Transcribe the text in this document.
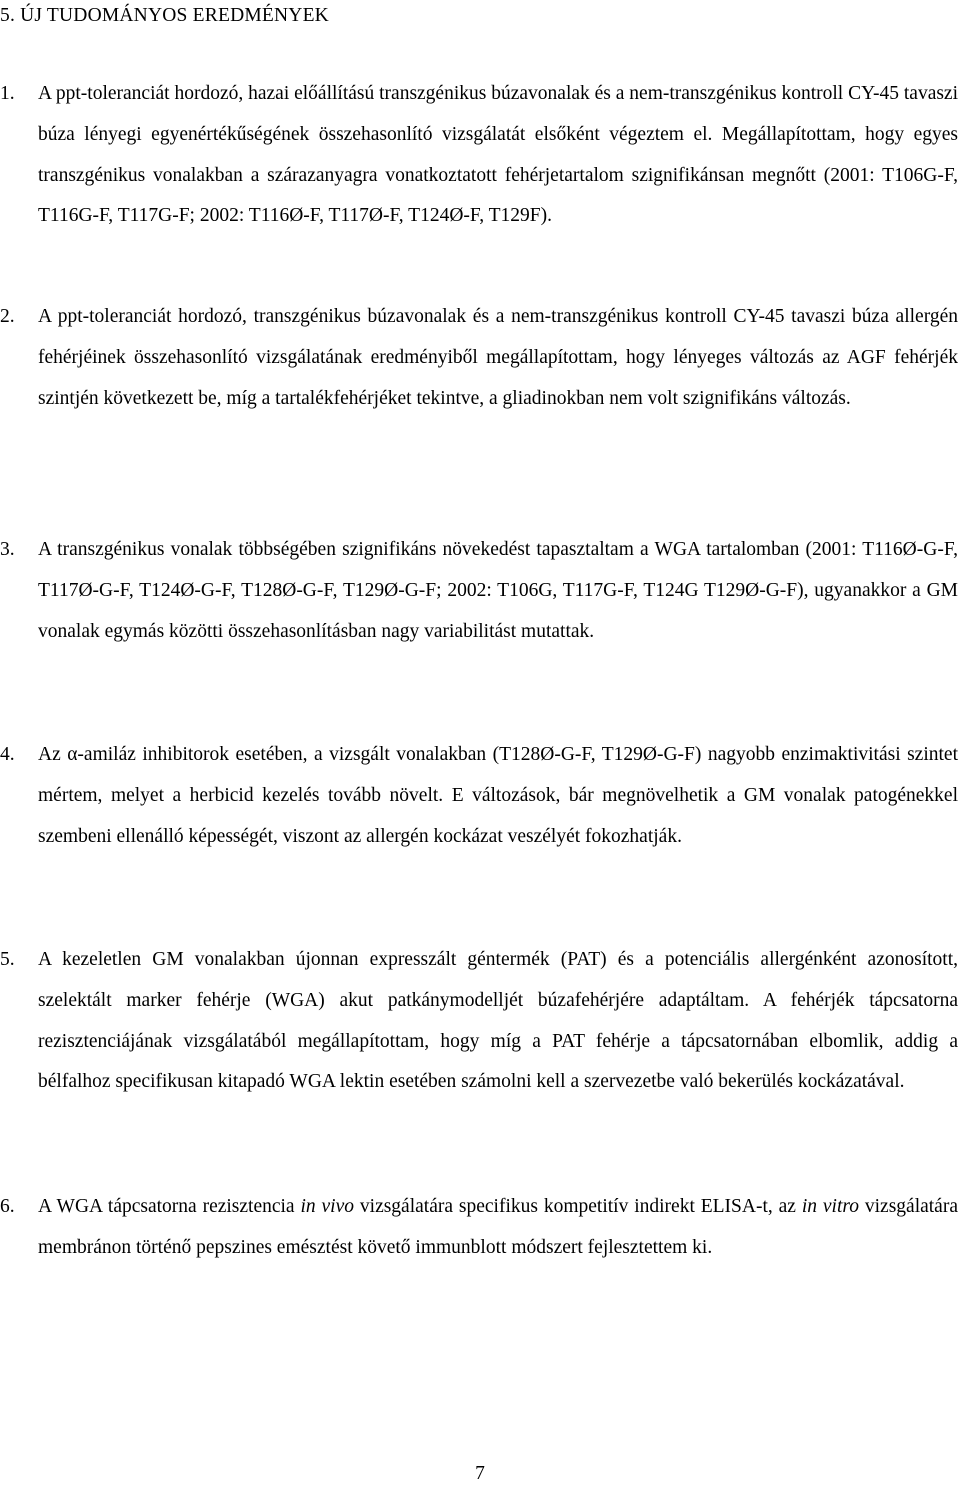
5. ÚJ TUDOMÁNYOS EREDMÉNYEK
1. A ppt-toleranciát hordozó, hazai előállítású transzgénikus búzavonalak és a nem-transzgénikus kontroll CY-45 tavaszi búza lényegi egyenértékűségének összehasonlító vizsgálatát elsőként végeztem el. Megállapítottam, hogy egyes transzgénikus vonalakban a szárazanyagra vonatkoztatott fehérjetartalom szignifikánsan megnőtt (2001: T106G-F, T116G-F, T117G-F; 2002: T116Ø-F, T117Ø-F, T124Ø-F, T129F).
2. A ppt-toleranciát hordozó, transzgénikus búzavonalak és a nem-transzgénikus kontroll CY-45 tavaszi búza allergén fehérjéinek összehasonlító vizsgálatának eredményiből megállapítottam, hogy lényeges változás az AGF fehérjék szintjén következett be, míg a tartalékfehérjéket tekintve, a gliadinokban nem volt szignifikáns változás.
3. A transzgénikus vonalak többségében szignifikáns növekedést tapasztaltam a WGA tartalomban (2001: T116Ø-G-F, T117Ø-G-F, T124Ø-G-F, T128Ø-G-F, T129Ø-G-F; 2002: T106G, T117G-F, T124G T129Ø-G-F), ugyanakkor a GM vonalak egymás közötti összehasonlításban nagy variabilitást mutattak.
4. Az α-amiláz inhibitorok esetében, a vizsgált vonalakban (T128Ø-G-F, T129Ø-G-F) nagyobb enzimaktivitási szintet mértem, melyet a herbicid kezelés tovább növelt. E változások, bár megnövelhetik a GM vonalak patogénekkel szembeni ellenálló képességét, viszont az allergén kockázat veszélyét fokozhatják.
5. A kezeletlen GM vonalakban újonnan expresszált géntermék (PAT) és a potenciális allergénként azonosított, szelektált marker fehérje (WGA) akut patkánymodelljét búzafehérjére adaptáltam. A fehérjék tápcsatorna rezisztenciájának vizsgálatából megállapítottam, hogy míg a PAT fehérje a tápcsatornában elbomlik, addig a bélfalhoz specifikusan kitapadó WGA lektin esetében számolni kell a szervezetbe való bekerülés kockázatával.
6. A WGA tápcsatorna rezisztencia in vivo vizsgálatára specifikus kompetitív indirekt ELISA-t, az in vitro vizsgálatára membránon történő pepszines emésztést követő immunblott módszert fejlesztettem ki.
7
